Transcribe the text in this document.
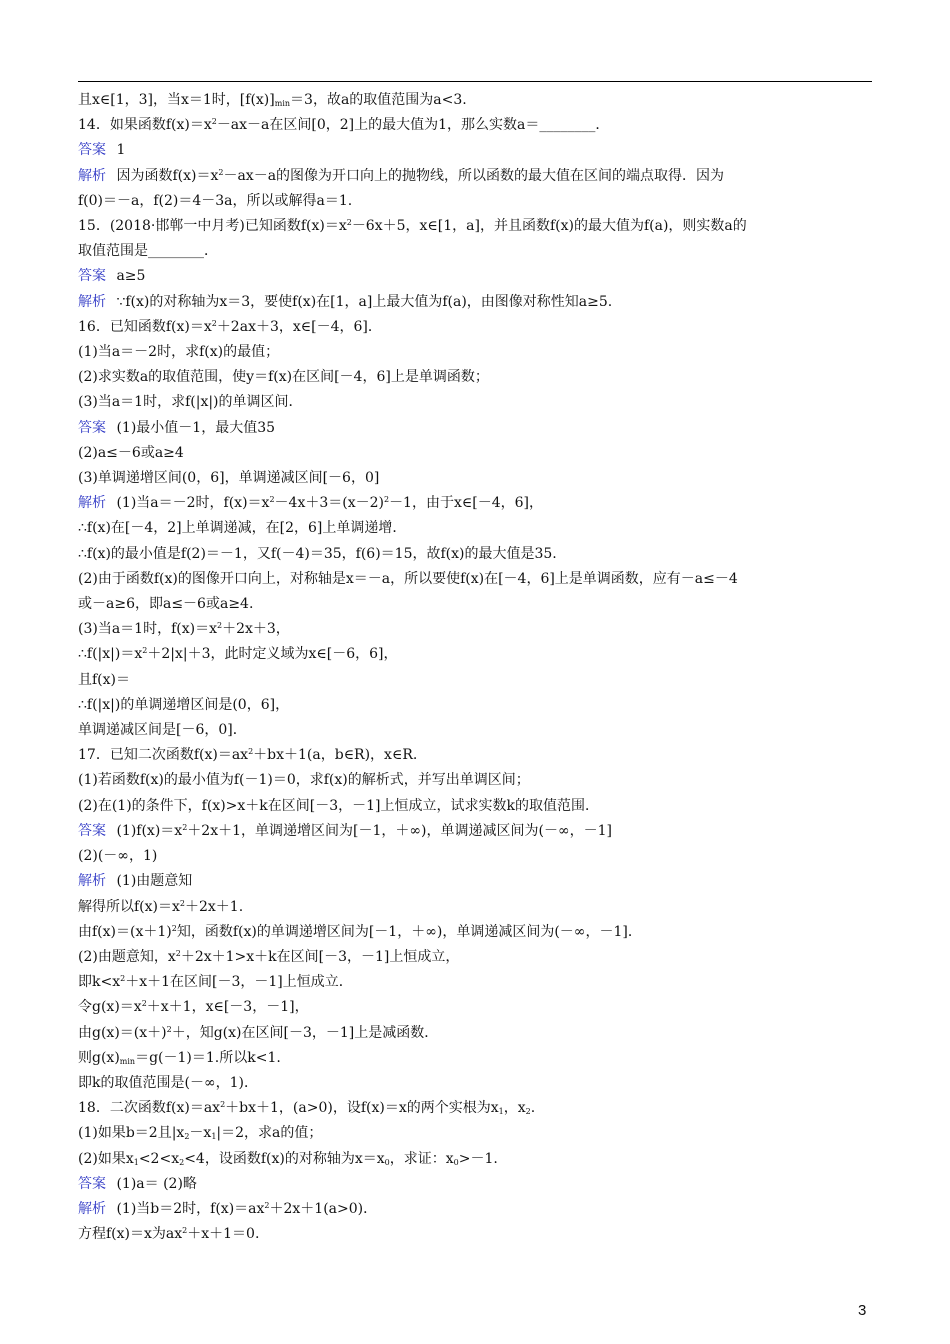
且x∈[1，3]，当x＝1时，$[f(x)]_{min}=3$，故a的取值范围为a<3.
14．如果函数$f(x)=x^2-ax-a$在区间[0，2]上的最大值为1，那么实数a＝________．
答案 1
解析 因为函数$f(x)=x^2-ax-a$的图像为开口向上的抛物线，所以函数的最大值在区间的端点取得．因为
f(0)＝－a，f(2)＝4－3a，所以或解得a＝1.
15．(2018·邯郸一中月考)已知函数$f(x)=x^2-6x+5$，x∈[1，a]，并且函数f(x)的最大值为f(a)，则实数a的
取值范围是________．
答案 a≥5
解析 ∵f(x)的对称轴为x＝3，要使f(x)在[1，a]上最大值为f(a)，由图像对称性知a≥5.
16．已知函数$f(x)=x^2+2ax+3$，x∈[－4，6]．
(1)当a＝－2时，求f(x)的最值；
(2)求实数a的取值范围，使y＝f(x)在区间[－4，6]上是单调函数；
(3)当a＝1时，求f(|x|)的单调区间．
答案 (1)最小值－1，最大值35
(2)a≤－6或a≥4
(3)单调递增区间(0，6]，单调递减区间[－6，0]
解析 (1)当a＝－2时，$f(x)=x^2-4x+3=(x-2)^2-1$，由于x∈[－4，6]，
∴f(x)在[－4，2]上单调递减，在[2，6]上单调递增．
∴f(x)的最小值是f(2)＝－1，又f(－4)＝35，f(6)＝15，故f(x)的最大值是35.
(2)由于函数f(x)的图像开口向上，对称轴是x＝－a，所以要使f(x)在[－4，6]上是单调函数，应有－a≤－4
或－a≥6，即a≤－6或a≥4.
(3)当a＝1时，$f(x)=x^2+2x+3$，
$\therefore f(|x|)=x^2+2|x|+3$，此时定义域为x∈[－6，6]，
且f(x)＝
∴f(|x|)的单调递增区间是(0，6]，
单调递减区间是[－6，0]．
17．已知二次函数$f(x)=ax^2+bx+1(a$，b∈R)，x∈R.
(1)若函数f(x)的最小值为f(－1)＝0，求f(x)的解析式，并写出单调区间；
(2)在(1)的条件下，f(x)>x＋k在区间[－3，－1]上恒成立，试求实数k的取值范围．
答案 $(1)f(x)=x^2+2x+1$，单调递增区间为[－1，＋∞)，单调递减区间为(－∞，－1]
(2)(－∞，1)
解析 (1)由题意知
解得所以$f(x)=x^2+2x+1$.
由$f(x)=(x+1)^2$知，函数f(x)的单调递增区间为[－1，＋∞)，单调递减区间为(－∞，－1]．
(2)由题意知，$x^2+2x+1>x+k$在区间[－3，－1]上恒成立，
即$k<x^2+x+1$在区间[－3，－1]上恒成立．
令$g(x)=x^2+x+1$，x∈[－3，－1]，
由$g(x)=(x+)^2+$，知g(x)在区间[－3，－1]上是减函数．
则$g(x)_{min}=g(-1)=1$.所以k<1.
即k的取值范围是(－∞，1)．
18．二次函数$f(x)=ax^2+bx+1$，(a>0)，设f(x)＝x的两个实根为$x_1$，$x_2$.
(1)如果b＝2且$|x_2-x_1|=2$，求a的值；
(2)如果$x_1<2<x_2<4$，设函数f(x)的对称轴为$x=x_0$，求证：$x_0>-1$.
答案 (1)a＝ (2)略
解析 (1)当b＝2时，$f(x)=ax^2+2x+1(a>0)$．
方程f(x)＝x为$ax^2+x+1=0$.
3
